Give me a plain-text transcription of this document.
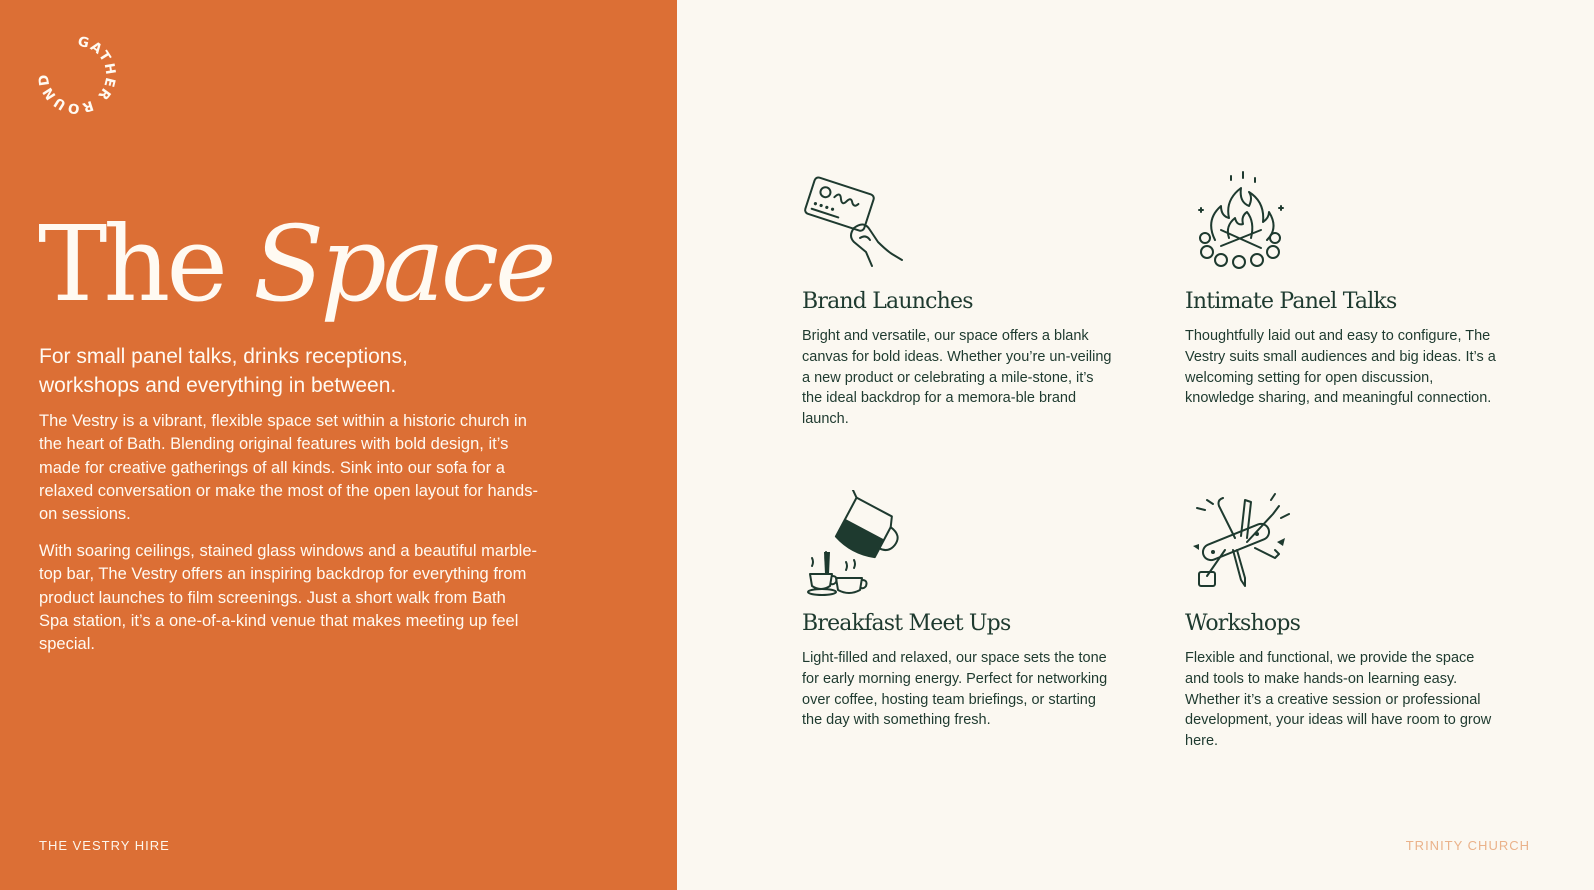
GATHER ROUND
The Space

For small panel talks, drinks receptions, workshops and everything in between.

The Vestry is a vibrant, flexible space set within a historic church in the heart of Bath. Blending original features with bold design, it’s made for creative gatherings of all kinds. Sink into our sofa for a relaxed conversation or make the most of the open layout for hands-on sessions.

With soaring ceilings, stained glass windows and a beautiful marble-top bar, The Vestry offers an inspiring backdrop for everything from product launches to film screenings. Just a short walk from Bath Spa station, it’s a one-of-a-kind venue that makes meeting up feel special.

THE VESTRY HIRE
Brand Launches

Bright and versatile, our space offers a blank canvas for bold ideas. Whether you’re un-veiling a new product or celebrating a mile-stone, it’s the ideal backdrop for a memora-ble brand launch.

Intimate Panel Talks

Thoughtfully laid out and easy to configure, The Vestry suits small audiences and big ideas. It’s a welcoming setting for open discussion, knowledge sharing, and meaningful connection.

Breakfast Meet Ups

Light-filled and relaxed, our space sets the tone for early morning energy. Perfect for networking over coffee, hosting team briefings, or starting the day with something fresh.

Workshops

Flexible and functional, we provide the space and tools to make hands-on learning easy. Whether it’s a creative session or professional development, your ideas will have room to grow here.

TRINITY CHURCH
